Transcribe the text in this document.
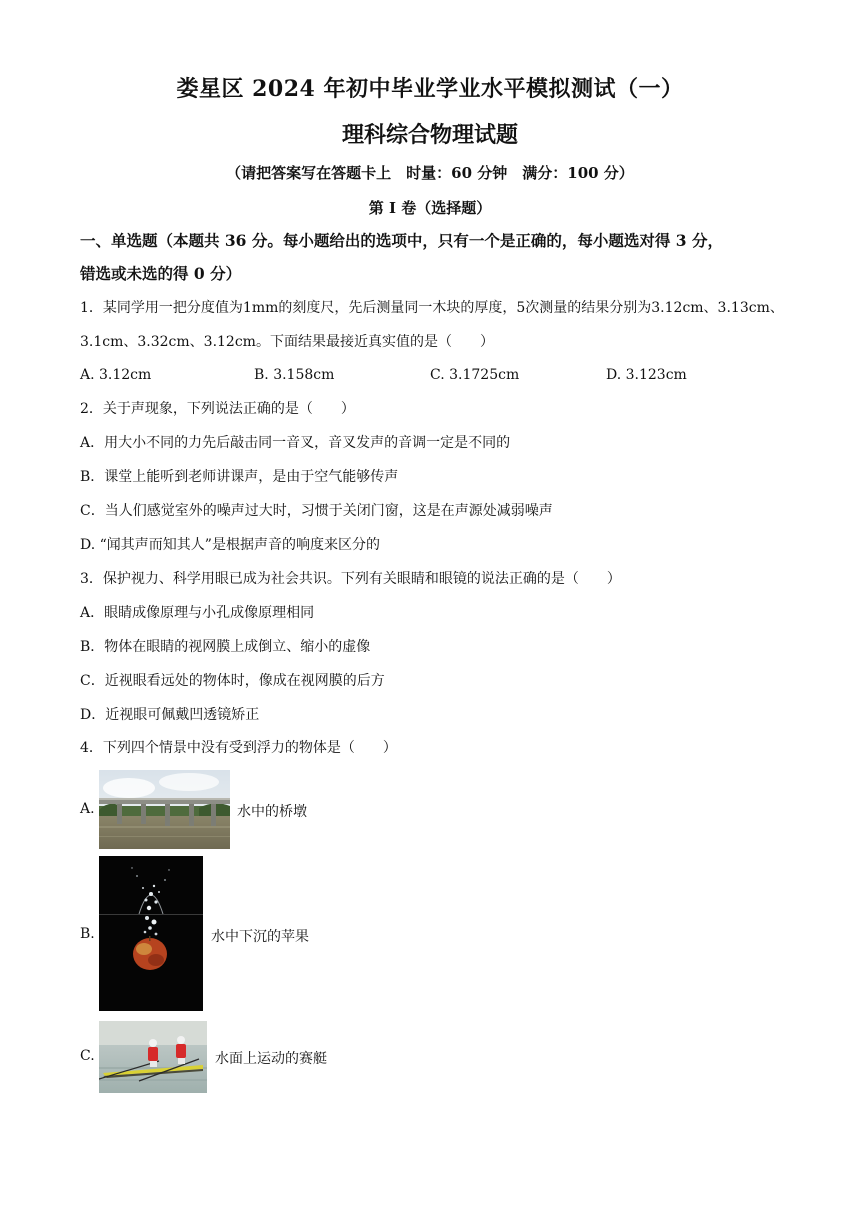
娄星区 2024 年初中毕业学业水平模拟测试（一）
理科综合物理试题
（请把答案写在答题卡上　时量：60 分钟　满分：100 分）
第 Ⅰ 卷（选择题）
一、单选题（本题共 36 分。每小题给出的选项中，只有一个是正确的，每小题选对得 3 分，
错选或未选的得 0 分）
1．某同学用一把分度值为1mm的刻度尺，先后测量同一木块的厚度，5次测量的结果分别为3.12cm、3.13cm、
3.1cm、3.32cm、3.12cm。下面结果最接近真实值的是（　　）
A. 3.12cm	B. 3.158cm	C. 3.1725cm	D. 3.123cm
2．关于声现象，下列说法正确的是（　　）
A．用大小不同的力先后敲击同一音叉，音叉发声的音调一定是不同的
B．课堂上能听到老师讲课声，是由于空气能够传声
C．当人们感觉室外的噪声过大时，习惯于关闭门窗，这是在声源处减弱噪声
D. “闻其声而知其人”是根据声音的响度来区分的
3．保护视力、科学用眼已成为社会共识。下列有关眼睛和眼镜的说法正确的是（　　）
A．眼睛成像原理与小孔成像原理相同
B．物体在眼睛的视网膜上成倒立、缩小的虚像
C．近视眼看远处的物体时，像成在视网膜的后方
D．近视眼可佩戴凹透镜矫正
4．下列四个情景中没有受到浮力的物体是（　　）
A.	水中的桥墩
B.	水中下沉的苹果
C.	水面上运动的赛艇
